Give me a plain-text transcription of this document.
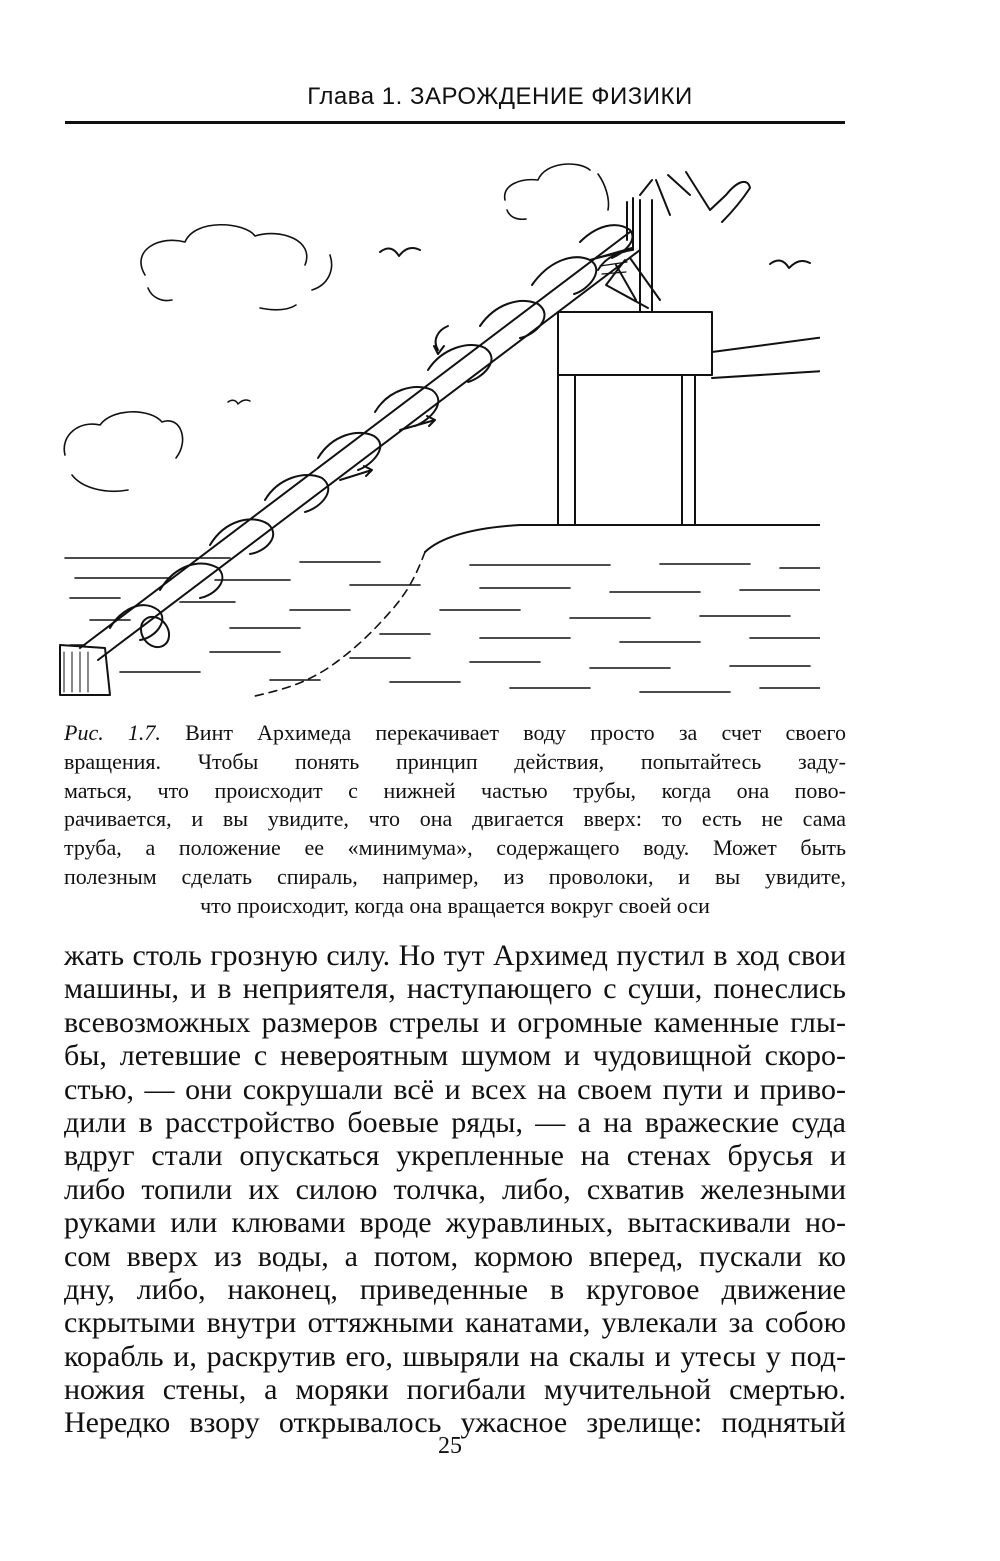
Глава 1. ЗАРОЖДЕНИЕ ФИЗИКИ
Рис. 1.7. Винт Архимеда перекачивает воду просто за счет своего
вращения. Чтобы понять принцип действия, попытайтесь заду-
маться, что происходит с нижней частью трубы, когда она пово-
рачивается, и вы увидите, что она двигается вверх: то есть не сама
труба, а положение ее «минимума», содержащего воду. Может быть
полезным сделать спираль, например, из проволоки, и вы увидите,
что происходит, когда она вращается вокруг своей оси
жать столь грозную силу. Но тут Архимед пустил в ход свои
машины, и в неприятеля, наступающего с суши, понеслись
всевозможных размеров стрелы и огромные каменные глы-
бы, летевшие с невероятным шумом и чудовищной скоро-
стью, — они сокрушали всё и всех на своем пути и приво-
дили в расстройство боевые ряды, — а на вражеские суда
вдруг стали опускаться укрепленные на стенах брусья и
либо топили их силою толчка, либо, схватив железными
руками или клювами вроде журавлиных, вытаскивали но-
сом вверх из воды, а потом, кормою вперед, пускали ко
дну, либо, наконец, приведенные в круговое движение
скрытыми внутри оттяжными канатами, увлекали за собою
корабль и, раскрутив его, швыряли на скалы и утесы у под-
ножия стены, а моряки погибали мучительной смертью.
Нередко взору открывалось ужасное зрелище: поднятый
25
